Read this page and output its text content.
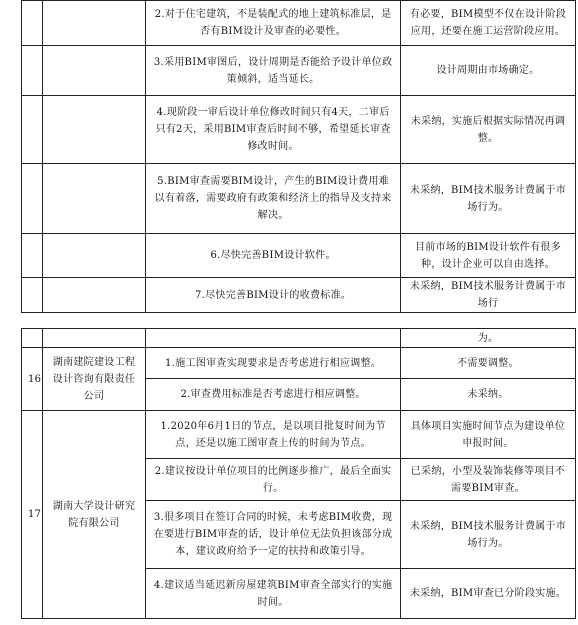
		2.对于住宅建筑，不是装配式的地上建筑标准层，是否有BIM设计及审查的必要性。	有必要，BIM模型不仅在设计阶段应用，还要在施工运营阶段应用。
		3.采用BIM审图后，设计周期是否能给予设计单位政策倾斜，适当延长。	设计周期由市场确定。
		4.现阶段一审后设计单位修改时间只有4天，二审后只有2天，采用BIM审查后时间不够，希望延长审查修改时间。	未采纳，实施后根据实际情况再调整。
		5.BIM审查需要BIM设计，产生的BIM设计费用难以有着落，需要政府有政策和经济上的指导及支持来解决。	未采纳，BIM技术服务计费属于市场行为。
		6.尽快完善BIM设计软件。	目前市场的BIM设计软件有很多种，设计企业可以自由选择。
		7.尽快完善BIM设计的收费标准。	未采纳，BIM技术服务计费属于市场行
			为。
16	湖南建院建设工程设计咨询有限责任公司	1.施工图审查实现要求是否考虑进行相应调整。	不需要调整。
		2.审查费用标准是否考虑进行相应调整。	未采纳。
17	湖南大学设计研究院有限公司	1.2020年6月1日的节点，是以项目批复时间为节点，还是以施工图审查上传的时间为节点。	具体项目实施时间节点为建设单位申报时间。
		2.建议按设计单位项目的比例逐步推广，最后全面实行。	已采纳，小型及装饰装修等项目不需要BIM审查。
		3.很多项目在签订合同的时候，未考虑BIM收费，现在要进行BIM审查的话，设计单位无法负担该部分成本，建议政府给予一定的扶持和政策引导。	未采纳，BIM技术服务计费属于市场行为。
		4.建议适当延迟新房屋建筑BIM审查全部实行的实施时间。	未采纳，BIM审查已分阶段实施。
